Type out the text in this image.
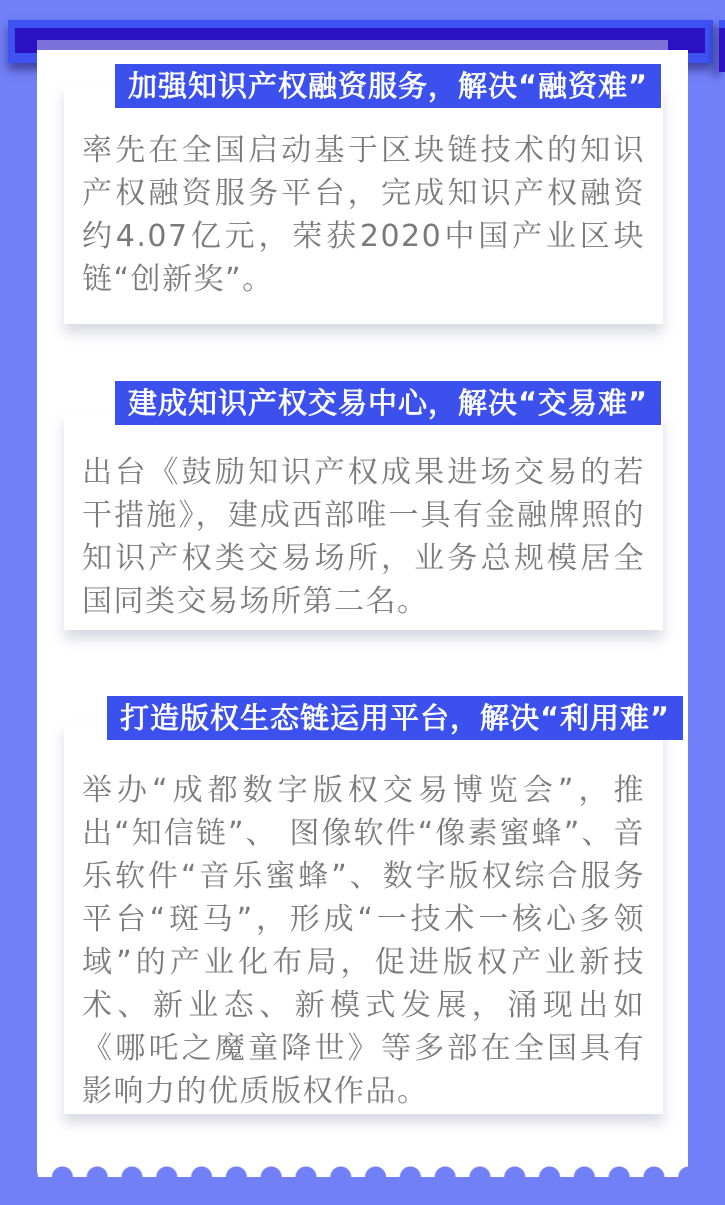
加强知识产权融资服务，解决“融资难”

率先在全国启动基于区块链技术的知识产权融资服务平台，完成知识产权融资约4.07亿元，荣获2020中国产业区块链“创新奖”。

建成知识产权交易中心，解决“交易难”

出台《鼓励知识产权成果进场交易的若干措施》，建成西部唯一具有金融牌照的知识产权类交易场所，业务总规模居全国同类交易场所第二名。

打造版权生态链运用平台，解决“利用难”

举办“成都数字版权交易博览会”，推出“知信链”、 图像软件“像素蜜蜂”、音乐软件“音乐蜜蜂”、数字版权综合服务平台“斑马”，形成“一技术一核心多领域”的产业化布局，促进版权产业新技术、新业态、新模式发展，涌现出如《哪吒之魔童降世》等多部在全国具有影响力的优质版权作品。
